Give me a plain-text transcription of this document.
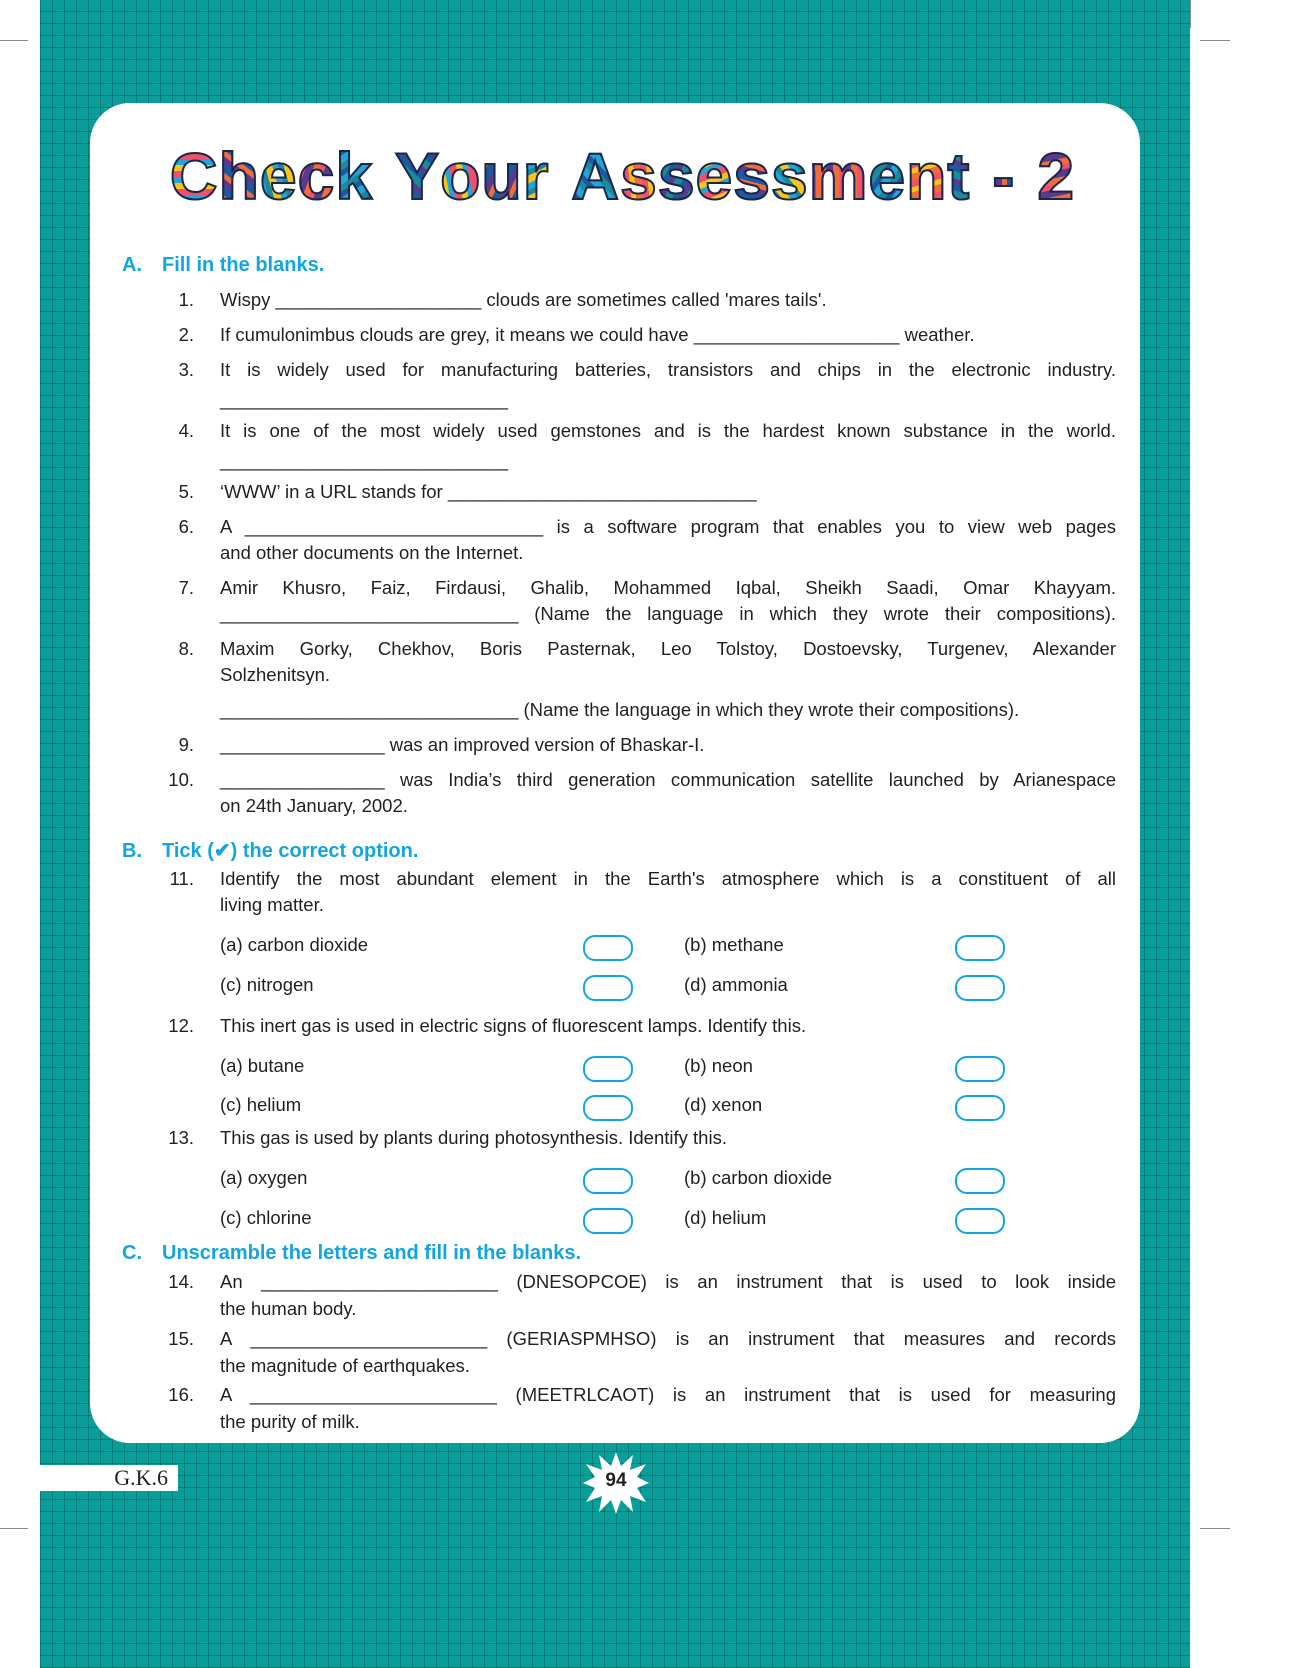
Check Your Assessment - 2
A. Fill in the blanks.
1. Wispy ____________________ clouds are sometimes called 'mares tails'.
2. If cumulonimbus clouds are grey, it means we could have ____________________ weather.
3. It is widely used for manufacturing batteries, transistors and chips in the electronic industry.
____________________________
4. It is one of the most widely used gemstones and is the hardest known substance in the world.
____________________________
5. ‘WWW’ in a URL stands for ______________________________
6. A _____________________________ is a software program that enables you to view web pages
and other documents on the Internet.
7. Amir Khusro, Faiz, Firdausi, Ghalib, Mohammed Iqbal, Sheikh Saadi, Omar Khayyam.
_____________________________ (Name the language in which they wrote their compositions).
8. Maxim Gorky, Chekhov, Boris Pasternak, Leo Tolstoy, Dostoevsky, Turgenev, Alexander
Solzhenitsyn.
_____________________________ (Name the language in which they wrote their compositions).
9. ________________ was an improved version of Bhaskar-I.
10. ________________ was India’s third generation communication satellite launched by Arianespace
on 24th January, 2002.
B. Tick (✔) the correct option.
11. Identify the most abundant element in the Earth's atmosphere which is a constituent of all
living matter.
(a) carbon dioxide	(b) methane
(c) nitrogen	(d) ammonia
12. This inert gas is used in electric signs of fluorescent lamps. Identify this.
(a) butane	(b) neon
(c) helium	(d) xenon
13. This gas is used by plants during photosynthesis. Identify this.
(a) oxygen	(b) carbon dioxide
(c) chlorine	(d) helium
C. Unscramble the letters and fill in the blanks.
14. An _______________________ (DNESOPCOE) is an instrument that is used to look inside
the human body.
15. A _______________________ (GERIASPMHSO) is an instrument that measures and records
the magnitude of earthquakes.
16. A ________________________ (MEETRLCAOT) is an instrument that is used for measuring
the purity of milk.
G.K.6	94
